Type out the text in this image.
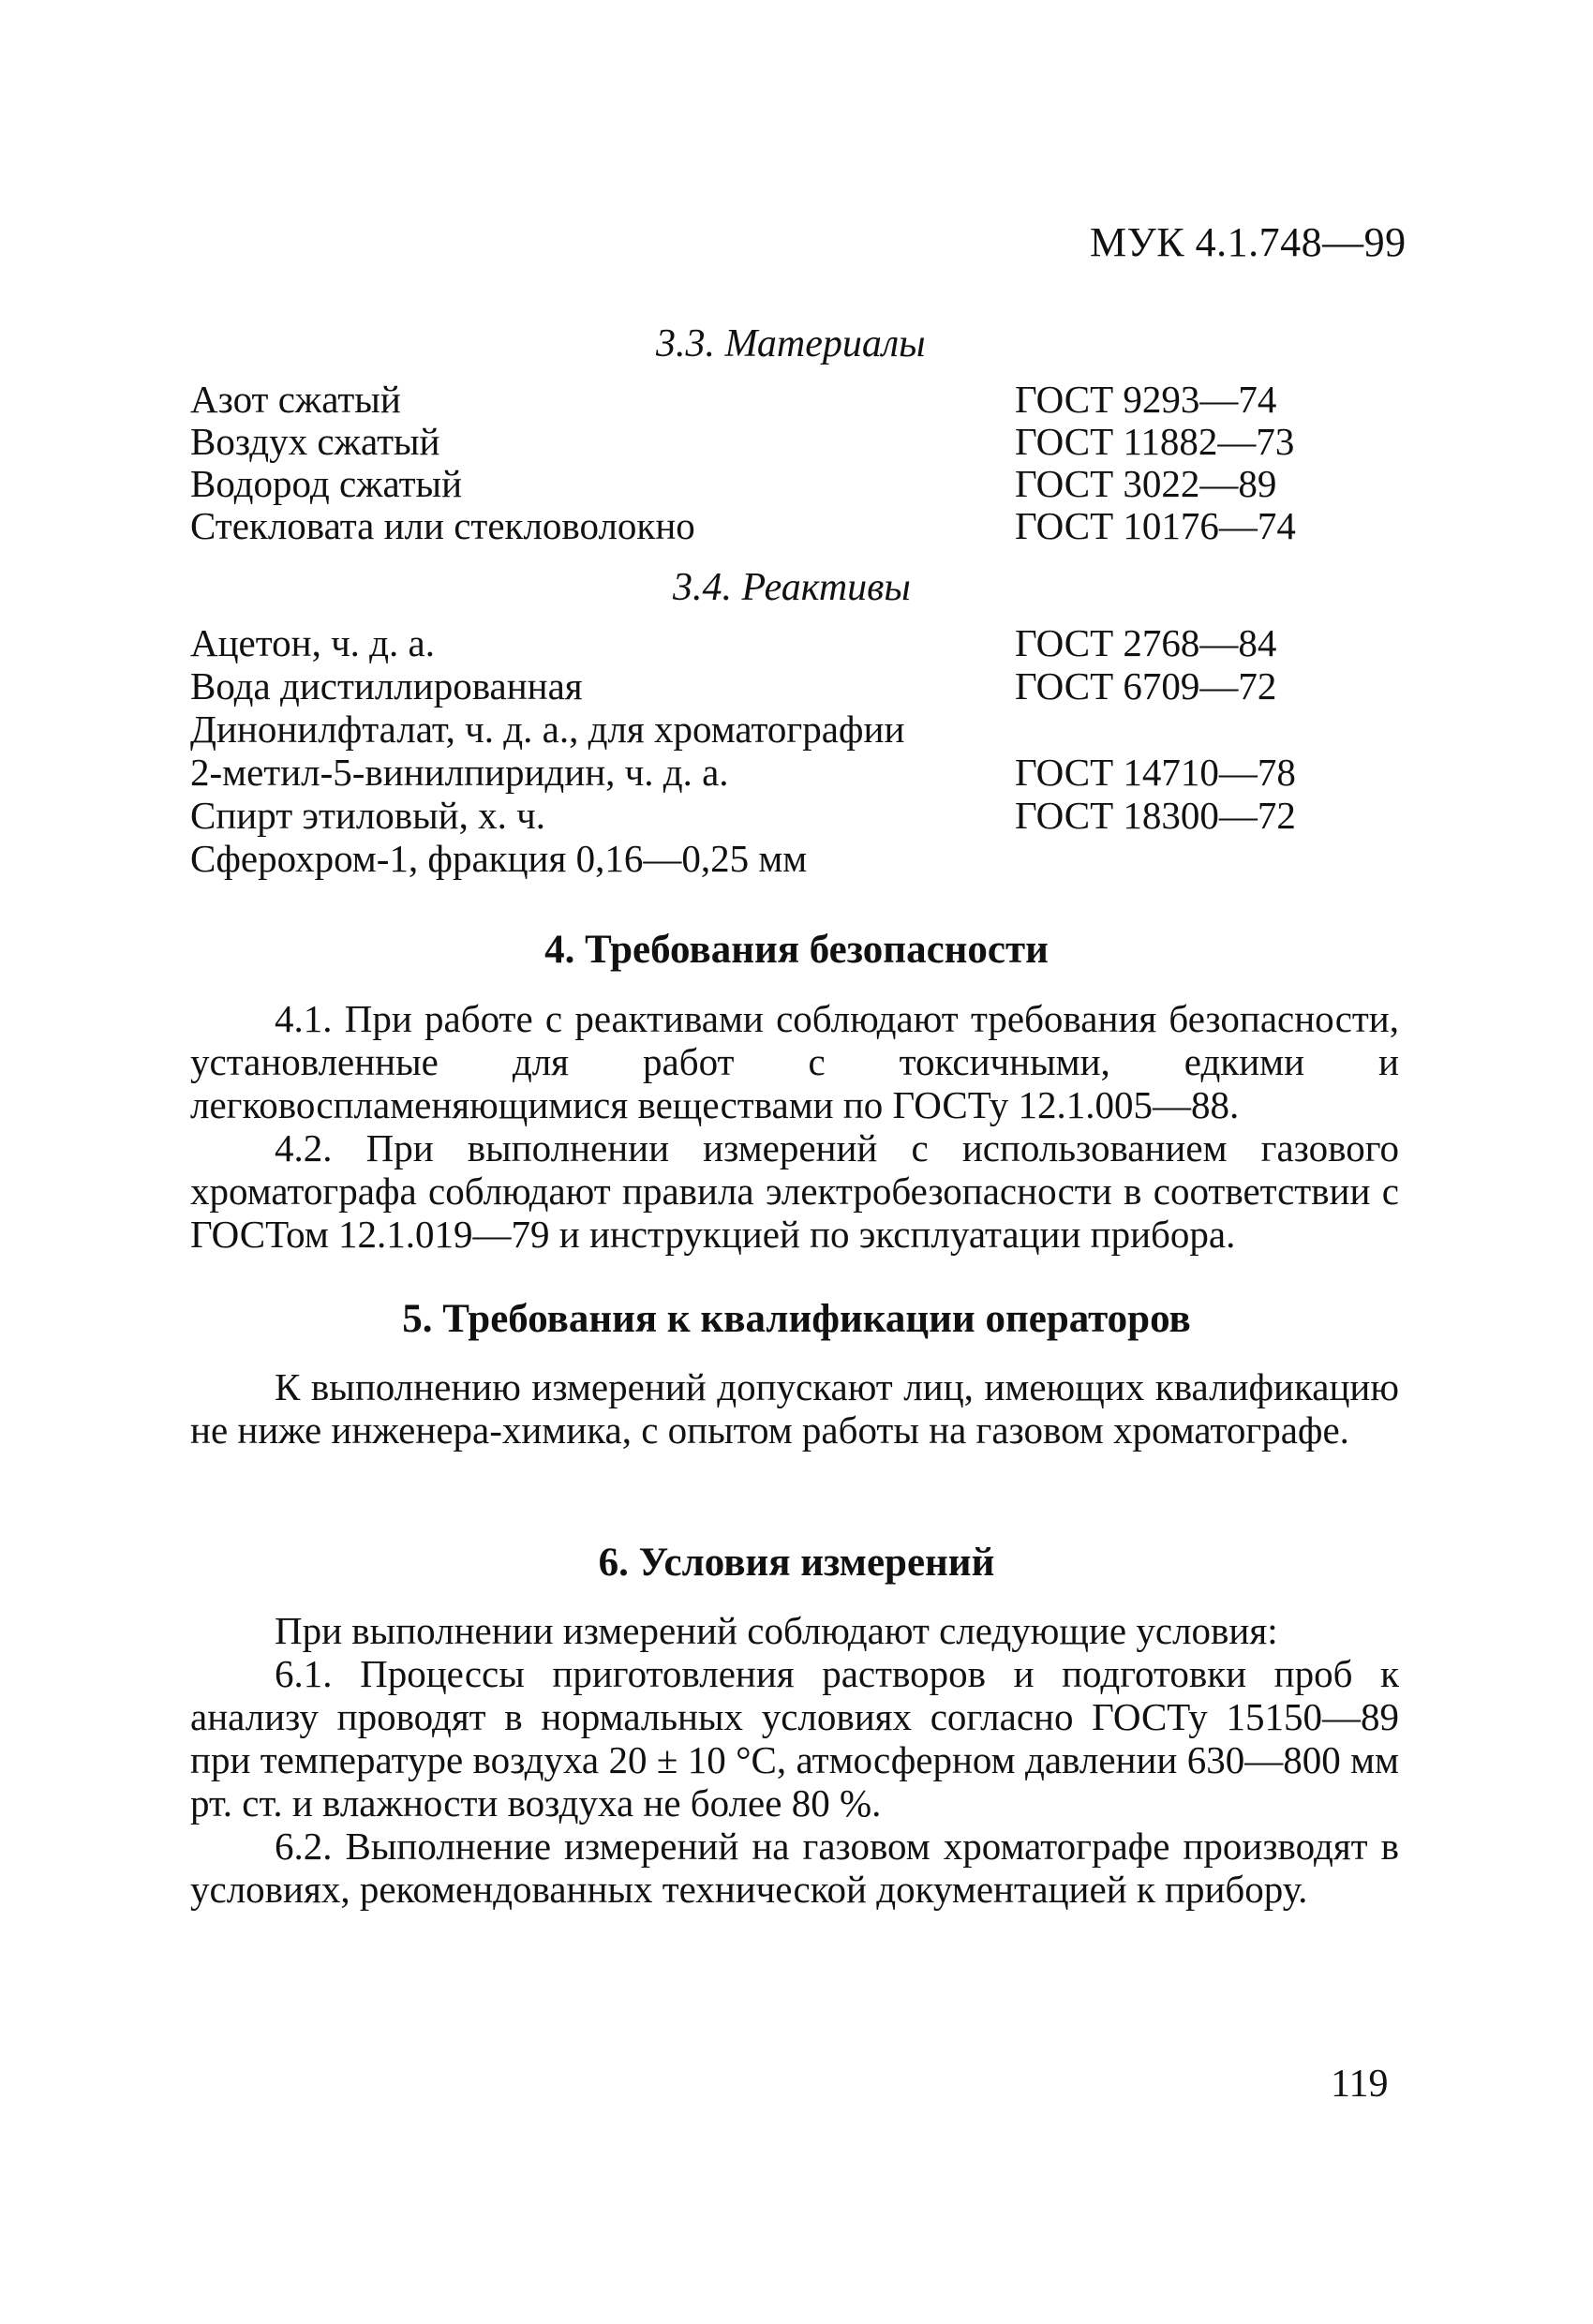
МУК 4.1.748—99
3.3. Материалы
Азот сжатый	ГОСТ 9293—74
Воздух сжатый	ГОСТ 11882—73
Водород сжатый	ГОСТ 3022—89
Стекловата или стекловолокно	ГОСТ 10176—74
3.4. Реактивы
Ацетон, ч. д. а.	ГОСТ 2768—84
Вода дистиллированная	ГОСТ 6709—72
Динонилфталат, ч. д. а., для хроматографии
2-метил-5-винилпиридин, ч. д. а.	ГОСТ 14710—78
Спирт этиловый, х. ч.	ГОСТ 18300—72
Сферохром-1, фракция 0,16—0,25 мм
4. Требования безопасности
4.1. При работе с реактивами соблюдают требования безопасности, установленные для работ с токсичными, едкими и легковоспламеняющимися веществами по ГОСТу 12.1.005—88.
4.2. При выполнении измерений с использованием газового хроматографа соблюдают правила электробезопасности в соответствии с ГОСТом 12.1.019—79 и инструкцией по эксплуатации прибора.
5. Требования к квалификации операторов
К выполнению измерений допускают лиц, имеющих квалификацию не ниже инженера-химика, с опытом работы на газовом хроматографе.
6. Условия измерений
При выполнении измерений соблюдают следующие условия:
6.1. Процессы приготовления растворов и подготовки проб к анализу проводят в нормальных условиях согласно ГОСТу 15150—89 при температуре воздуха 20 ± 10 °С, атмосферном давлении 630—800 мм рт. ст. и влажности воздуха не более 80 %.
6.2. Выполнение измерений на газовом хроматографе производят в условиях, рекомендованных технической документацией к прибору.
119
